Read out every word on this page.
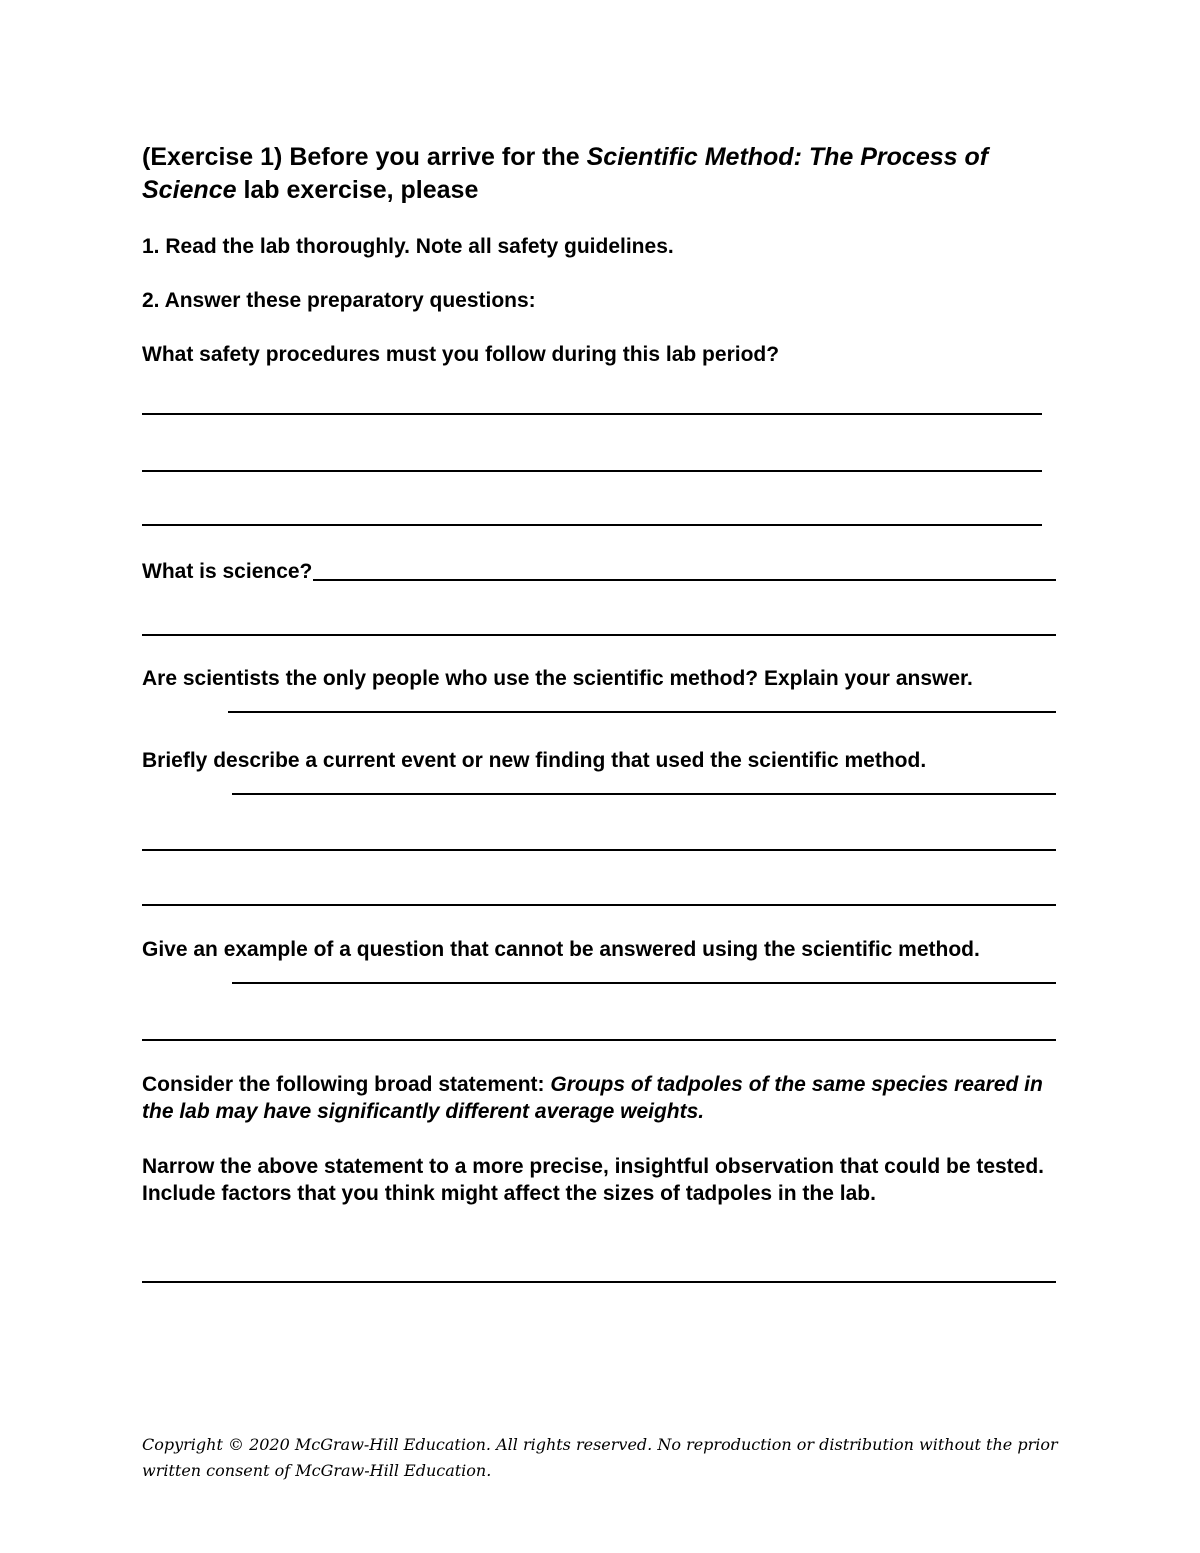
(Exercise 1) Before you arrive for the Scientific Method: The Process of Science lab exercise, please
1. Read the lab thoroughly. Note all safety guidelines.
2. Answer these preparatory questions:
What safety procedures must you follow during this lab period?
What is science?
Are scientists the only people who use the scientific method? Explain your answer.
Briefly describe a current event or new finding that used the scientific method.
Give an example of a question that cannot be answered using the scientific method.
Consider the following broad statement: Groups of tadpoles of the same species reared in the lab may have significantly different average weights.
Narrow the above statement to a more precise, insightful observation that could be tested. Include factors that you think might affect the sizes of tadpoles in the lab.
Copyright © 2020 McGraw-Hill Education. All rights reserved. No reproduction or distribution without the prior written consent of McGraw-Hill Education.
